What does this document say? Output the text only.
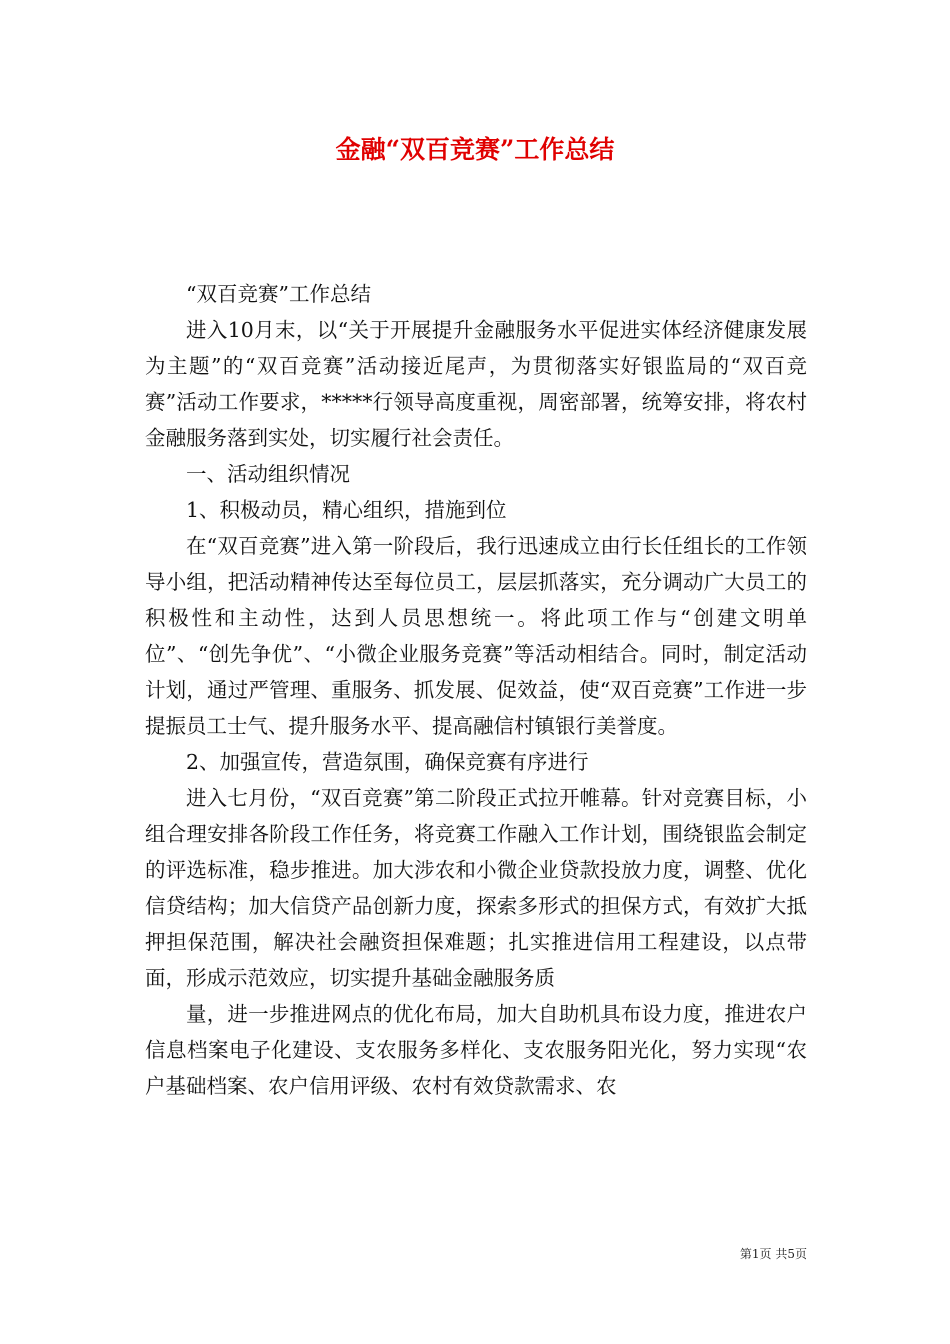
金融“双百竞赛”工作总结

“双百竞赛”工作总结

进入10月末，以“关于开展提升金融服务水平促进实体经济健康发展为主题”的“双百竞赛”活动接近尾声，为贯彻落实好银监局的“双百竞赛”活动工作要求，*****行领导高度重视，周密部署，统筹安排，将农村金融服务落到实处，切实履行社会责任。

一、活动组织情况

1、积极动员，精心组织，措施到位

在“双百竞赛”进入第一阶段后，我行迅速成立由行长任组长的工作领导小组，把活动精神传达至每位员工，层层抓落实，充分调动广大员工的积极性和主动性，达到人员思想统一。将此项工作与“创建文明单位”、“创先争优”、“小微企业服务竞赛”等活动相结合。同时，制定活动计划，通过严管理、重服务、抓发展、促效益，使“双百竞赛”工作进一步提振员工士气、提升服务水平、提高融信村镇银行美誉度。

2、加强宣传，营造氛围，确保竞赛有序进行

进入七月份，“双百竞赛”第二阶段正式拉开帷幕。针对竞赛目标，小组合理安排各阶段工作任务，将竞赛工作融入工作计划，围绕银监会制定的评选标准，稳步推进。加大涉农和小微企业贷款投放力度，调整、优化信贷结构；加大信贷产品创新力度，探索多形式的担保方式，有效扩大抵押担保范围，解决社会融资担保难题；扎实推进信用工程建设，以点带面，形成示范效应，切实提升基础金融服务质

量，进一步推进网点的优化布局，加大自助机具布设力度，推进农户信息档案电子化建设、支农服务多样化、支农服务阳光化，努力实现“农户基础档案、农户信用评级、农村有效贷款需求、农

第1页 共5页
